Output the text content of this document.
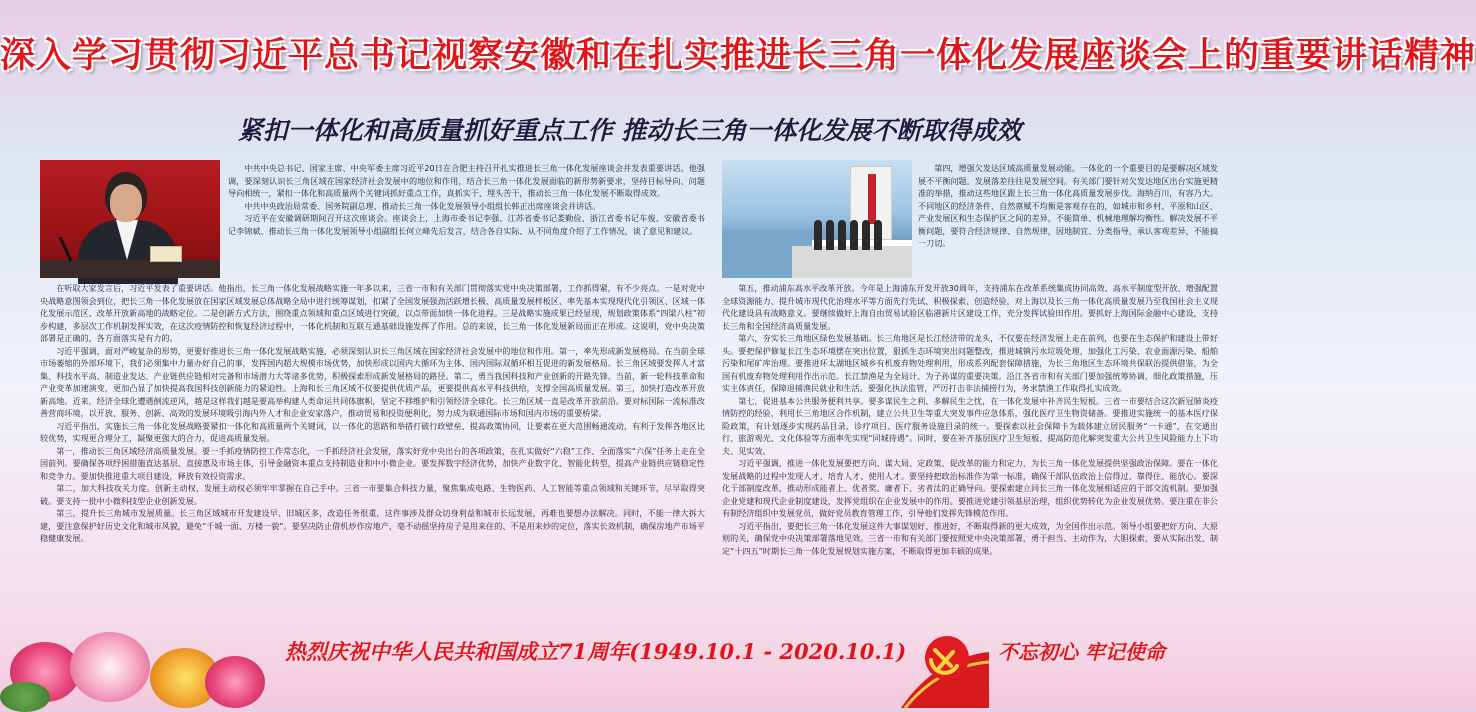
深入学习贯彻习近平总书记视察安徽和在扎实推进长三角一体化发展座谈会上的重要讲话精神
紧扣一体化和高质量抓好重点工作 推动长三角一体化发展不断取得成效

中共中央总书记、国家主席、中央军委主席习近平20日在合肥主持召开扎实推进长三角一体化发展座谈会并发表重要讲话。他强调，要深刻认识长三角区域在国家经济社会发展中的地位和作用，结合长三角一体化发展面临的新形势新要求，坚持目标导向、问题导向相统一，紧扣一体化和高质量两个关键词抓好重点工作，真抓实干、埋头苦干，推动长三角一体化发展不断取得成效。

中共中央政治局常委、国务院副总理、推动长三角一体化发展领导小组组长韩正出席座谈会并讲话。

习近平在安徽调研期间召开这次座谈会。座谈会上，上海市委书记李强、江苏省委书记娄勤俭、浙江省委书记车俊、安徽省委书记李锦斌、推动长三角一体化发展领导小组副组长何立峰先后发言，结合各自实际、从不同角度介绍了工作情况，谈了意见和建议。

在听取大家发言后，习近平发表了重要讲话。他指出，长三角一体化发展战略实施一年多以来，三省一市和有关部门贯彻落实党中央决策部署，工作抓得紧，有不少亮点。一是对党中央战略意图领会到位，把长三角一体化发展放在国家区域发展总体战略全局中进行统筹谋划，扣紧了全国发展强劲活跃增长极、高质量发展样板区、率先基本实现现代化引领区、区域一体化发展示范区、改革开放新高地的战略定位。二是创新方式方法，围绕重点领域和重点区域进行突破，以点带面加快一体化进程。三是战略实施成果已经显现，规划政策体系“四梁八柱”初步构建，多层次工作机制发挥实效，在这次疫情防控和恢复经济过程中，一体化机制和互联互通基础设施发挥了作用。总的来说，长三角一体化发展新局面正在形成。这说明，党中央决策部署是正确的，各方面落实是有力的。

习近平强调，面对严峻复杂的形势，更要好推进长三角一体化发展战略实施，必须深刻认识长三角区域在国家经济社会发展中的地位和作用。第一，率先形成新发展格局。在当前全球市场萎缩的外部环境下，我们必须集中力量办好自己的事，发挥国内超大规模市场优势，加快形成以国内大循环为主体、国内国际双循环相互促进的新发展格局。长三角区域要发挥人才富集、科技水平高、制造业发达、产业链供应链相对完备和市场潜力大等诸多优势，积极探索形成新发展格局的路径。第二，勇当我国科技和产业创新的开路先锋。当前，新一轮科技革命和产业变革加速演变，更加凸显了加快提高我国科技创新能力的紧迫性。上海和长三角区域不仅要提供优质产品，更要提供高水平科技供给，支撑全国高质量发展。第三，加快打造改革开放新高地。近来，经济全球化遭遇倒流逆风，越是这样我们越是要高举构建人类命运共同体旗帜，坚定不移维护和引领经济全球化。长三角区域一直是改革开放前沿。要对标国际一流标准改善营商环境，以开放、服务、创新、高效的发展环境吸引海内外人才和企业安家落户，推动贸易和投资便利化，努力成为联通国际市场和国内市场的重要桥梁。

习近平指出，实施长三角一体化发展战略要紧扣一体化和高质量两个关键词，以一体化的思路和举措打破行政壁垒、提高政策协同，让要素在更大范围畅通流动，有利于发挥各地区比较优势，实现更合理分工，凝聚更强大的合力，促进高质量发展。

第一，推动长三角区域经济高质量发展。要一手抓疫情防控工作常态化，一手抓经济社会发展，落实好党中央出台的各项政策，在扎实做好“六稳”工作、全面落实“六保”任务上走在全国前列。要确保各项纾困措施直达基层、直接惠及市场主体，引导金融资本重点支持制造业和中小微企业。要发挥数字经济优势，加快产业数字化、智能化转型，提高产业链供应链稳定性和竞争力。要加快推进重大项目建设，释放有效投资需求。

第二，加大科技攻关力度。创新主动权、发展主动权必须牢牢掌握在自己手中。三省一市要集合科技力量，聚焦集成电路、生物医药、人工智能等重点领域和关键环节，尽早取得突破。要支持一批中小微科技型企业创新发展。

第三，提升长三角城市发展质量。长三角区域城市开发建设早、旧城区多，改造任务很重，这件事涉及群众切身利益和城市长远发展，再难也要想办法解决。同时，不能一律大拆大建，要注意保护好历史文化和城市风貌，避免“千城一面、万楼一貌”。要坚决防止借机炒作房地产，毫不动摇坚持房子是用来住的、不是用来炒的定位，落实长效机制，确保房地产市场平稳健康发展。

第四，增强欠发达区域高质量发展动能。一体化的一个重要目的是要解决区域发展不平衡问题。发展落差往往是发展空间。有关部门要针对欠发达地区出台实施更精准的举措，推动这些地区跟上长三角一体化高质量发展步伐。海纳百川，有容乃大。不同地区的经济条件、自然禀赋不均衡是客观存在的，如城市和乡村、平原和山区、产业发展区和生态保护区之间的差异，不能简单、机械地理解均衡性。解决发展不平衡问题，要符合经济规律、自然规律，因地制宜、分类指导，承认客观差异，不能搞一刀切。

第五，推动浦东高水平改革开放。今年是上海浦东开发开放30周年，支持浦东在改革系统集成协同高效、高水平制度型开放、增强配置全球资源能力、提升城市现代化治理水平等方面先行先试、积极探索、创造经验，对上海以及长三角一体化高质量发展乃至我国社会主义现代化建设具有战略意义。要继续做好上海自由贸易试验区临港新片区建设工作，充分发挥试验田作用。要抓好上海国际金融中心建设，支持长三角和全国经济高质量发展。

第六，夯实长三角地区绿色发展基础。长三角地区是长江经济带的龙头，不仅要在经济发展上走在前列，也要在生态保护和建设上带好头。要把保护修复长江生态环境摆在突出位置，狠抓生态环境突出问题整改，推进城镇污水垃圾处理，加强化工污染、农业面源污染、船舶污染和尾矿库治理。要推进环太湖地区城乡有机废弃物处理利用，形成系列配套保障措施，为长三角地区生态环境共保联治提供借鉴，为全国有机废弃物处理利用作出示范。长江禁渔是为全局计、为子孙谋的重要决策。沿江各省市和有关部门要加强统筹协调，细化政策措施，压实主体责任，保障退捕渔民就业和生活。要强化执法监管，严厉打击非法捕捞行为，务求禁渔工作取得扎实成效。

第七，促进基本公共服务便利共享。要多谋民生之利、多解民生之忧，在一体化发展中补齐民生短板。三省一市要结合这次新冠肺炎疫情防控的经验，利用长三角地区合作机制，建立公共卫生等重大突发事件应急体系，强化医疗卫生物资储备。要推进实施统一的基本医疗保险政策，有计划逐步实现药品目录、诊疗项目、医疗服务设施目录的统一。要探索以社会保障卡为载体建立居民服务“一卡通”，在交通出行、旅游观光、文化体验等方面率先实现“同城待遇”。同时，要在补齐基层医疗卫生短板、提高防范化解突发重大公共卫生风险能力上下功夫、见实效。

习近平强调，推进一体化发展要把方向、谋大局、定政策、促改革的能力和定力，为长三角一体化发展提供坚强政治保障。要在一体化发展战略的过程中发现人才、培育人才、使用人才。要坚持把政治标准作为第一标准，确保干部队伍政治上信得过、靠得住、能放心。要深化干部制度改革，推动形成能者上、优者奖、庸者下、劣者汰的正确导向。要探索建立同长三角一体化发展相适应的干部交流机制。要加强企业党建和现代企业制度建设，发挥党组织在企业发展中的作用。要推进党建引领基层治理，组织优势转化为企业发展优势。要注重在非公有制经济组织中发展党员，做好党员教育管理工作，引导他们发挥先锋模范作用。

习近平指出，要把长三角一体化发展这件大事谋划好、推进好，不断取得新的更大成效，为全国作出示范。领导小组要把好方向、大原则的关，确保党中央决策部署落地见效。三省一市和有关部门要按照党中央决策部署，勇于担当、主动作为，大胆探索，要从实际出发，制定“十四五”时期长三角一体化发展规划实施方案，不断取得更加丰硕的成果。

热烈庆祝中华人民共和国成立71周年(1949.10.1 - 2020.10.1)	不忘初心 牢记使命
